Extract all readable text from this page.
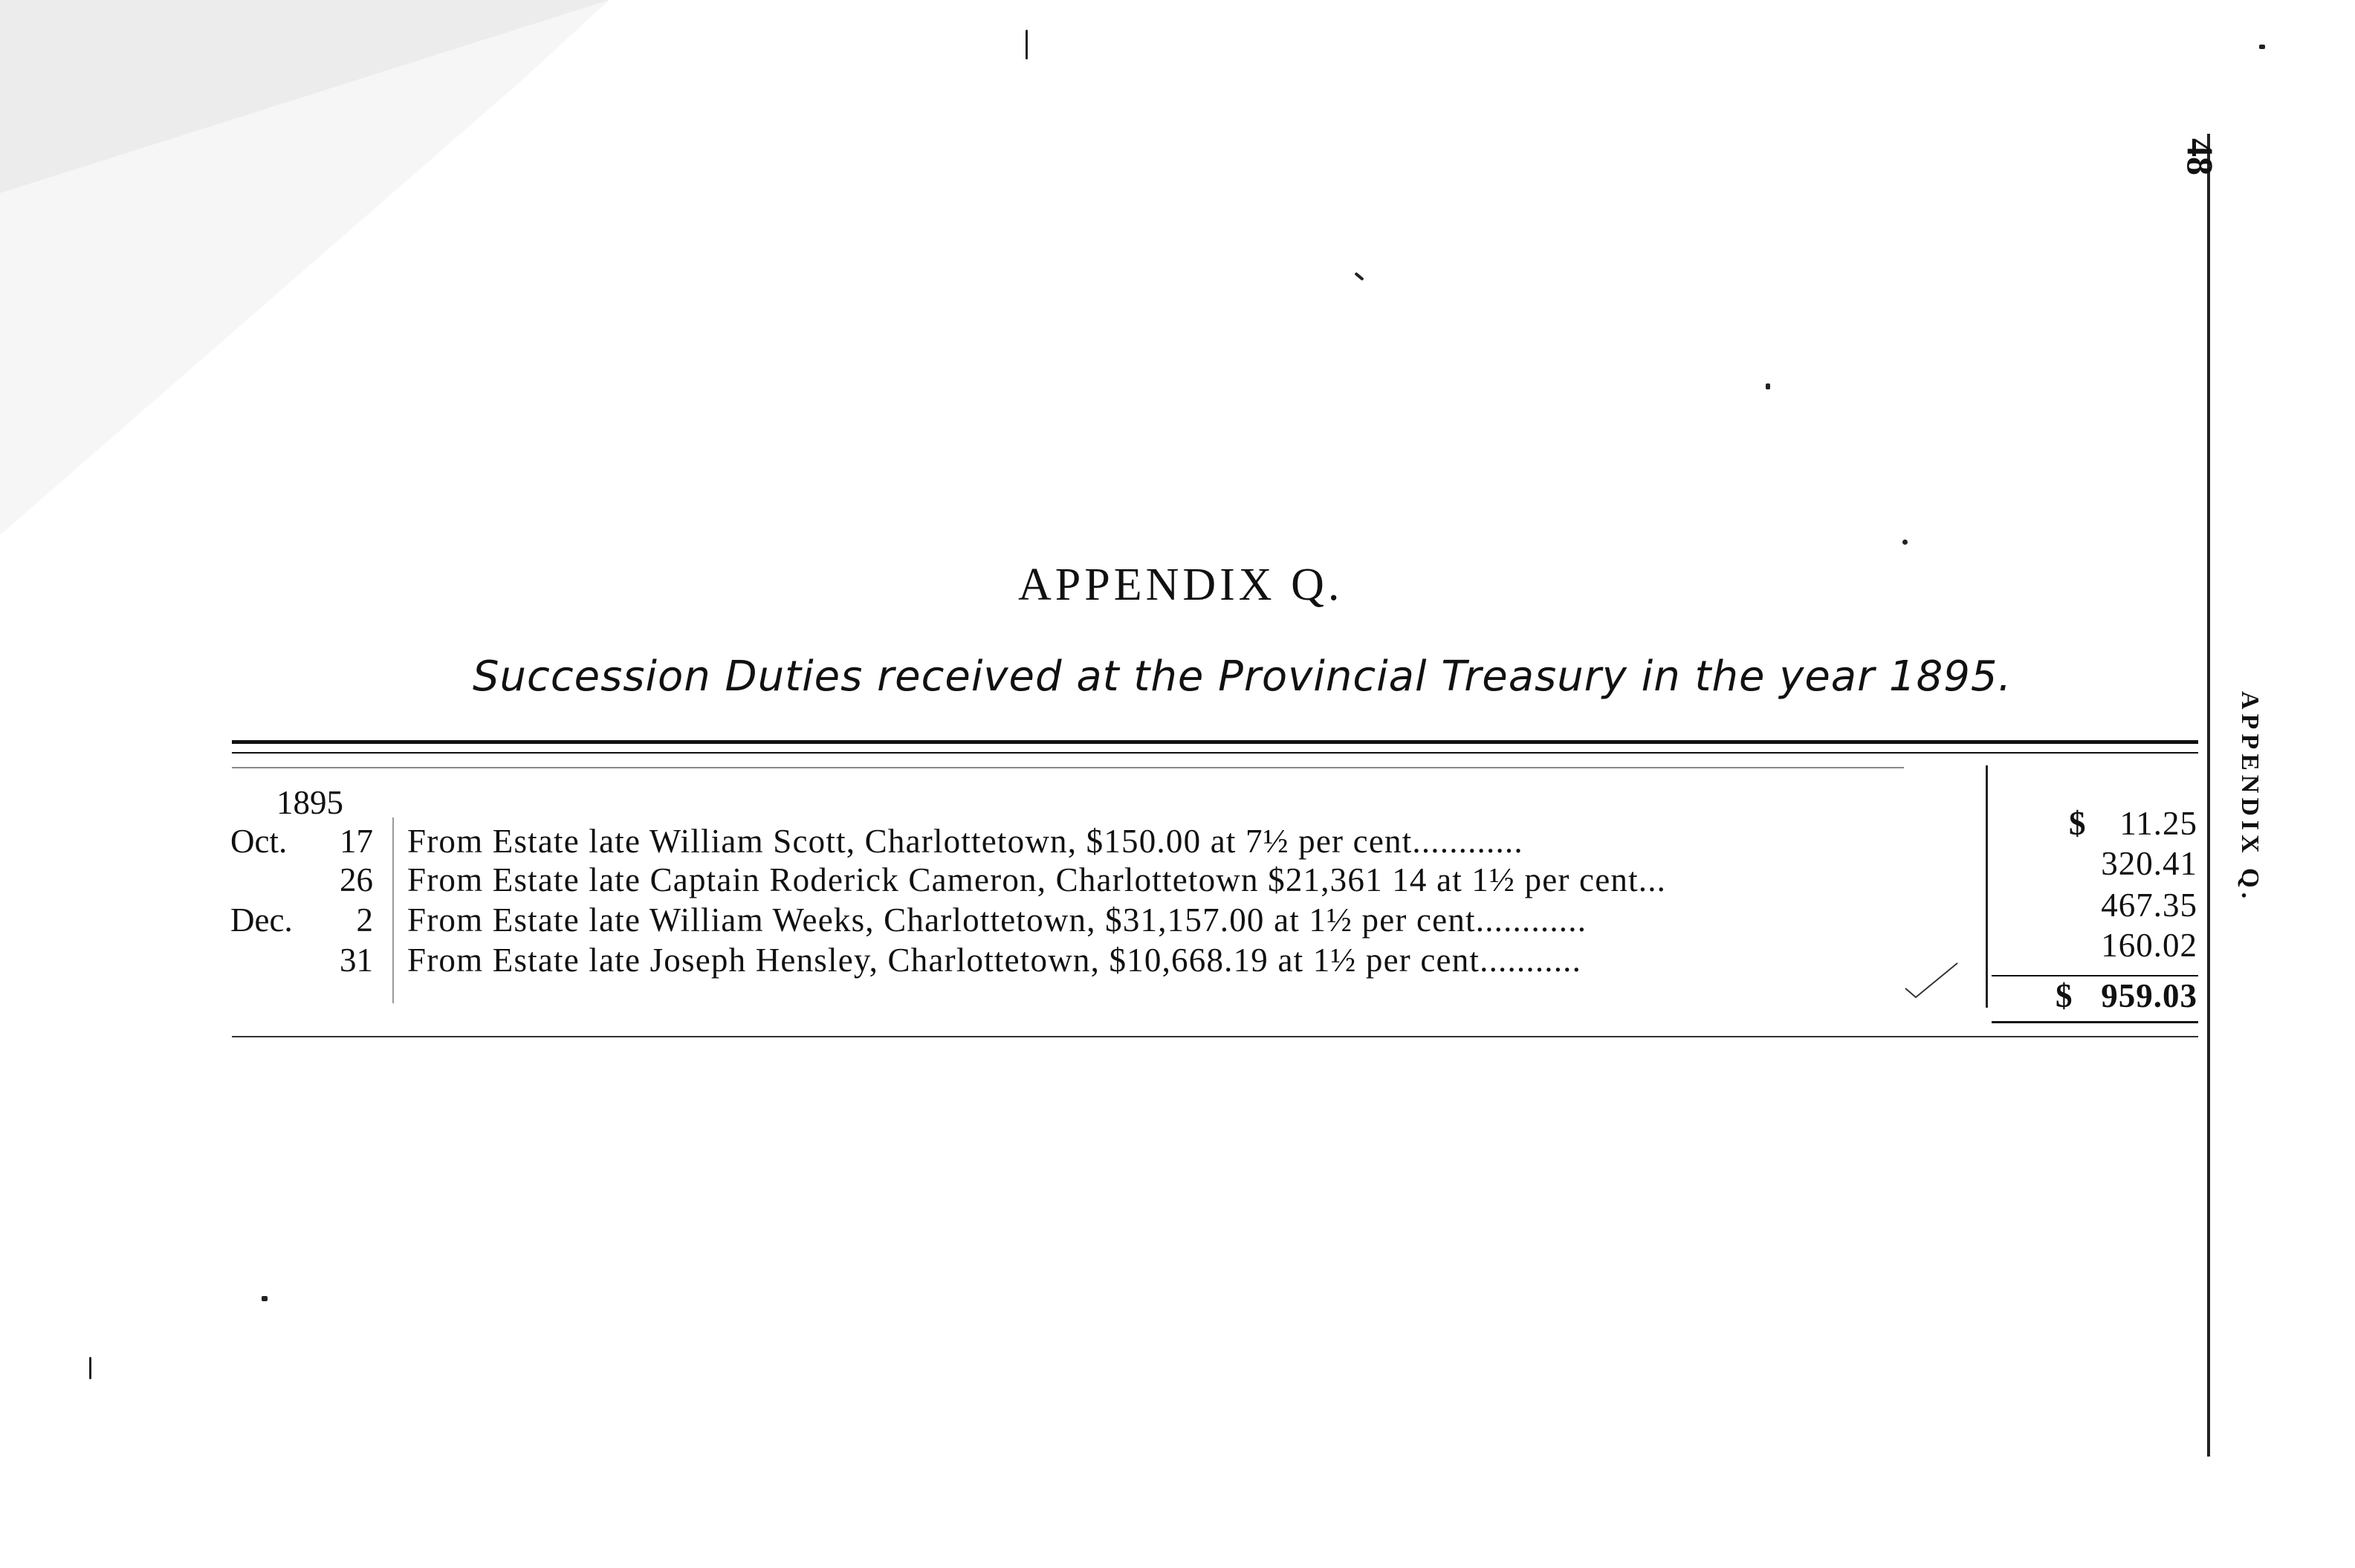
48
APPENDIX Q.
APPENDIX Q.
Succession Duties received at the Provincial Treasury in the year 1895.
1895
Oct.	17 From Estate late William Scott, Charlottetown, $150.00 at 7½ per cent............	$ 11.25
26 From Estate late Captain Roderick Cameron, Charlottetown $21,361 14 at 1½ per cent...	320.41
Dec.	2 From Estate late William Weeks, Charlottetown, $31,157.00 at 1½ per cent............	467.35
31 From Estate late Joseph Hensley, Charlottetown, $10,668.19 at 1½ per cent...........	160.02
$ 959.03
